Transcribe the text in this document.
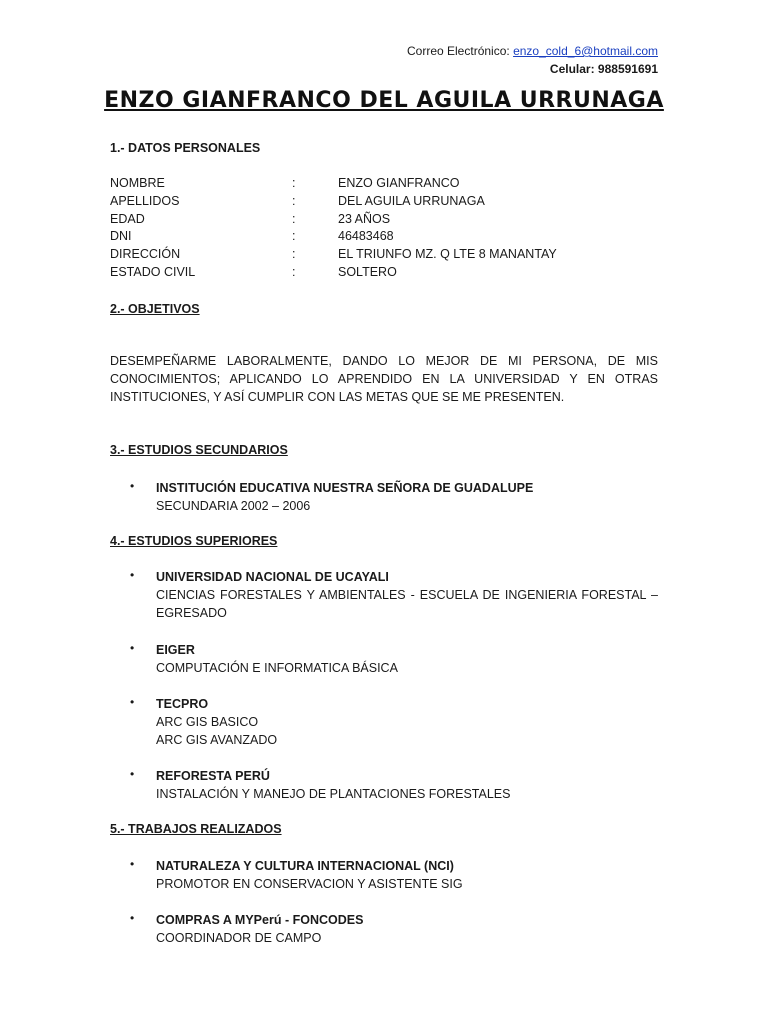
Correo Electrónico: enzo_cold_6@hotmail.com
Celular: 988591691
ENZO GIANFRANCO DEL AGUILA URRUNAGA
1.- DATOS PERSONALES
NOMBRE	:	ENZO GIANFRANCO
APELLIDOS	:	DEL AGUILA URRUNAGA
EDAD	:	23 AÑOS
DNI	:	46483468
DIRECCIÓN	:	EL TRIUNFO MZ. Q LTE 8 MANANTAY
ESTADO CIVIL	:	SOLTERO
2.- OBJETIVOS
DESEMPEÑARME LABORALMENTE, DANDO LO MEJOR DE MI PERSONA, DE MIS CONOCIMIENTOS; APLICANDO LO APRENDIDO EN LA UNIVERSIDAD Y EN OTRAS INSTITUCIONES, Y ASÍ CUMPLIR CON LAS METAS QUE SE ME PRESENTEN.
3.- ESTUDIOS SECUNDARIOS
• INSTITUCIÓN EDUCATIVA NUESTRA SEÑORA DE GUADALUPE
SECUNDARIA 2002 – 2006
4.- ESTUDIOS SUPERIORES
• UNIVERSIDAD NACIONAL DE UCAYALI
CIENCIAS FORESTALES Y AMBIENTALES - ESCUELA DE INGENIERIA FORESTAL – EGRESADO
• EIGER
COMPUTACIÓN E INFORMATICA BÁSICA
• TECPRO
ARC GIS BASICO
ARC GIS AVANZADO
• REFORESTA PERÚ
INSTALACIÓN Y MANEJO DE PLANTACIONES FORESTALES
5.- TRABAJOS REALIZADOS
• NATURALEZA Y CULTURA INTERNACIONAL (NCI)
PROMOTOR EN CONSERVACION Y ASISTENTE SIG
• COMPRAS A MYPerú - FONCODES
COORDINADOR DE CAMPO
